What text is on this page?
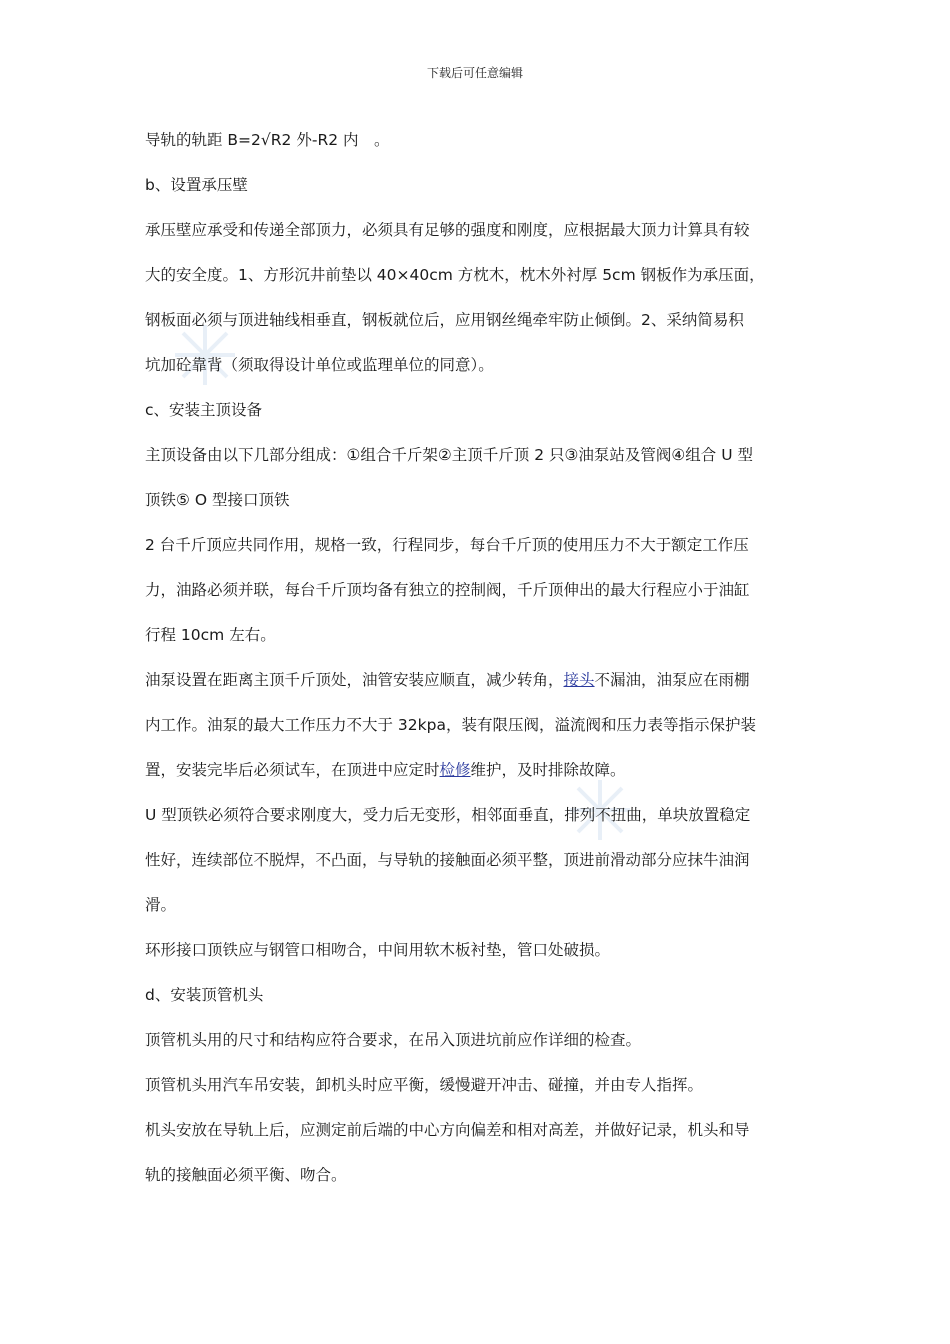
下载后可任意编辑
导轨的轨距 B=2√R2 外-R2 内　。
b、设置承压壁
承压壁应承受和传递全部顶力，必须具有足够的强度和刚度，应根据最大顶力计算具有较
大的安全度。1、方形沉井前垫以 40×40cm 方枕木，枕木外衬厚 5cm 钢板作为承压面，
钢板面必须与顶进轴线相垂直，钢板就位后，应用钢丝绳牵牢防止倾倒。2、采纳简易积
坑加砼靠背（须取得设计单位或监理单位的同意）。
c、安装主顶设备
主顶设备由以下几部分组成：①组合千斤架②主顶千斤顶 2 只③油泵站及管阀④组合 U 型
顶铁⑤ O 型接口顶铁
2 台千斤顶应共同作用，规格一致，行程同步，每台千斤顶的使用压力不大于额定工作压
力，油路必须并联，每台千斤顶均备有独立的控制阀，千斤顶伸出的最大行程应小于油缸
行程 10cm 左右。
油泵设置在距离主顶千斤顶处，油管安装应顺直，减少转角，接头不漏油，油泵应在雨棚
内工作。油泵的最大工作压力不大于 32kpa，装有限压阀，溢流阀和压力表等指示保护装
置，安装完毕后必须试车，在顶进中应定时检修维护，及时排除故障。
U 型顶铁必须符合要求刚度大，受力后无变形，相邻面垂直，排列不扭曲，单块放置稳定
性好，连续部位不脱焊，不凸面，与导轨的接触面必须平整，顶进前滑动部分应抹牛油润
滑。
环形接口顶铁应与钢管口相吻合，中间用软木板衬垫，管口处破损。
d、安装顶管机头
顶管机头用的尺寸和结构应符合要求，在吊入顶进坑前应作详细的检查。
顶管机头用汽车吊安装，卸机头时应平衡，缓慢避开冲击、碰撞，并由专人指挥。
机头安放在导轨上后，应测定前后端的中心方向偏差和相对高差，并做好记录，机头和导
轨的接触面必须平衡、吻合。
